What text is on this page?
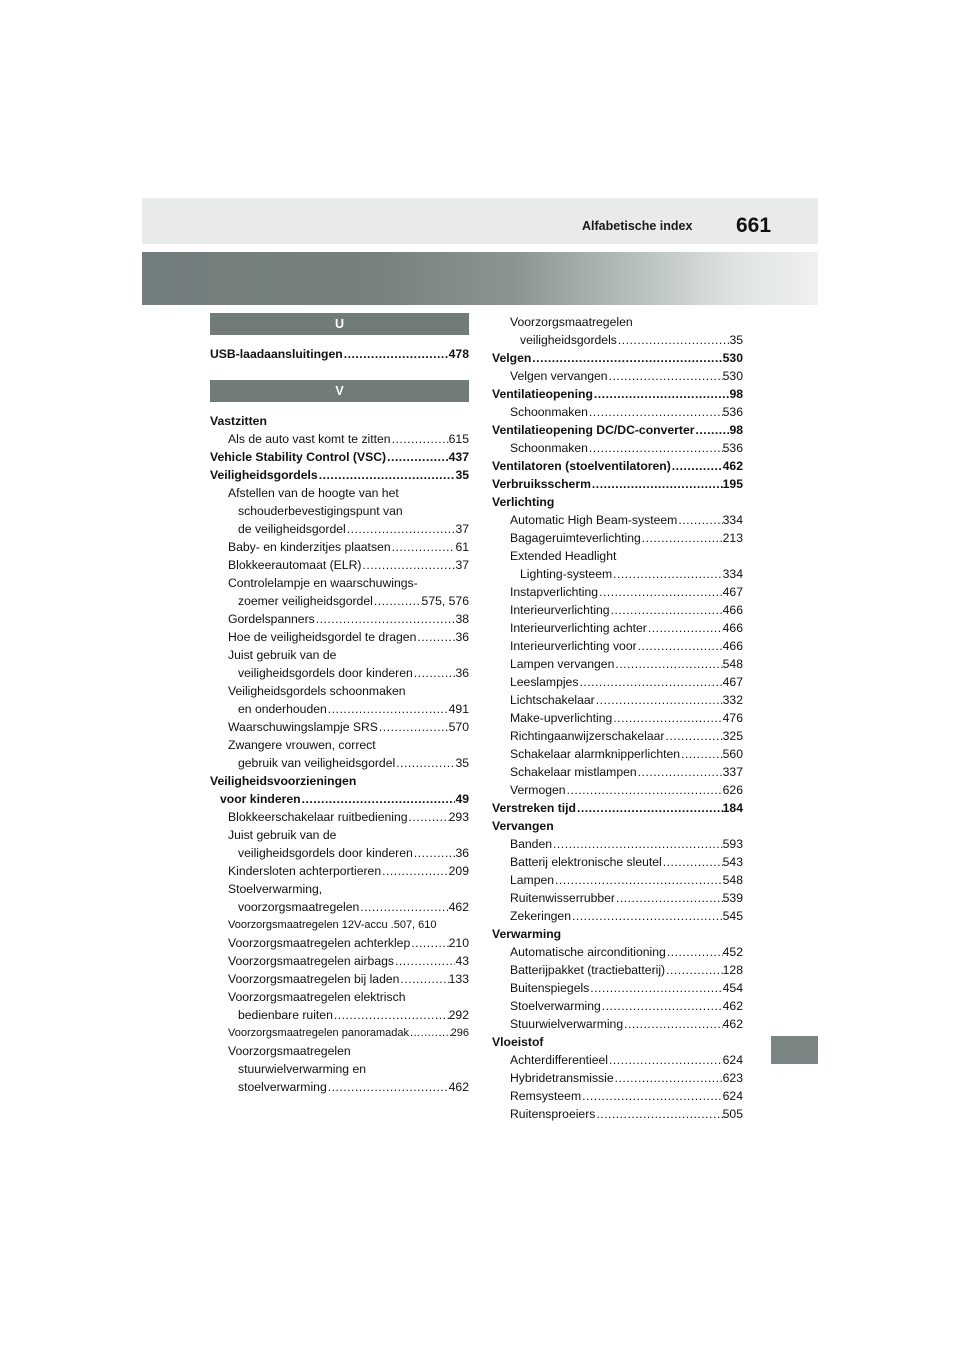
Alfabetische index 661
U
USB-laadaansluitingen .....	478
V
Vastzitten
Als de auto vast komt te zitten .....	615
Vehicle Stability Control (VSC) .....	437
Veiligheidsgordels .....	35
Afstellen van de hoogte van het
schouderbevestigingspunt van
de veiligheidsgordel .....	37
Baby- en kinderzitjes plaatsen .....	61
Blokkeerautomaat (ELR) .....	37
Controlelampje en waarschuwings-
zoemer veiligheidsgordel .....	575, 576
Gordelspanners .....	38
Hoe de veiligheidsgordel te dragen .....	36
Juist gebruik van de
veiligheidsgordels door kinderen .....	36
Veiligheidsgordels schoonmaken
en onderhouden .....	491
Waarschuwingslampje SRS .....	570
Zwangere vrouwen, correct
gebruik van veiligheidsgordel .....	35
Veiligheidsvoorzieningen
voor kinderen .....	49
Blokkeerschakelaar ruitbediening .....	293
Juist gebruik van de
veiligheidsgordels door kinderen .....	36
Kindersloten achterportieren .....	209
Stoelverwarming,
voorzorgsmaatregelen .....	462
Voorzorgsmaatregelen 12V-accu .507, 610
Voorzorgsmaatregelen achterklep .....	210
Voorzorgsmaatregelen airbags .....	43
Voorzorgsmaatregelen bij laden .....	133
Voorzorgsmaatregelen elektrisch
bedienbare ruiten .....	292
Voorzorgsmaatregelen panoramadak .....	296
Voorzorgsmaatregelen
stuurwielverwarming en
stoelverwarming .....	462
Voorzorgsmaatregelen
veiligheidsgordels .....	35
Velgen .....	530
Velgen vervangen .....	530
Ventilatieopening .....	98
Schoonmaken .....	536
Ventilatieopening DC/DC-converter .....	98
Schoonmaken .....	536
Ventilatoren (stoelventilatoren) .....	462
Verbruiksscherm .....	195
Verlichting
Automatic High Beam-systeem .....	334
Bagageruimteverlichting .....	213
Extended Headlight
Lighting-systeem .....	334
Instapverlichting .....	467
Interieurverlichting .....	466
Interieurverlichting achter .....	466
Interieurverlichting voor .....	466
Lampen vervangen .....	548
Leeslampjes .....	467
Lichtschakelaar .....	332
Make-upverlichting .....	476
Richtingaanwijzerschakelaar .....	325
Schakelaar alarmknipperlichten .....	560
Schakelaar mistlampen .....	337
Vermogen .....	626
Verstreken tijd .....	184
Vervangen
Banden .....	593
Batterij elektronische sleutel .....	543
Lampen .....	548
Ruitenwisserrubber .....	539
Zekeringen .....	545
Verwarming
Automatische airconditioning .....	452
Batterijpakket (tractiebatterij) .....	128
Buitenspiegels .....	454
Stoelverwarming .....	462
Stuurwielverwarming .....	462
Vloeistof
Achterdifferentieel .....	624
Hybridetransmissie .....	623
Remsysteem .....	624
Ruitensproeiers .....	505
